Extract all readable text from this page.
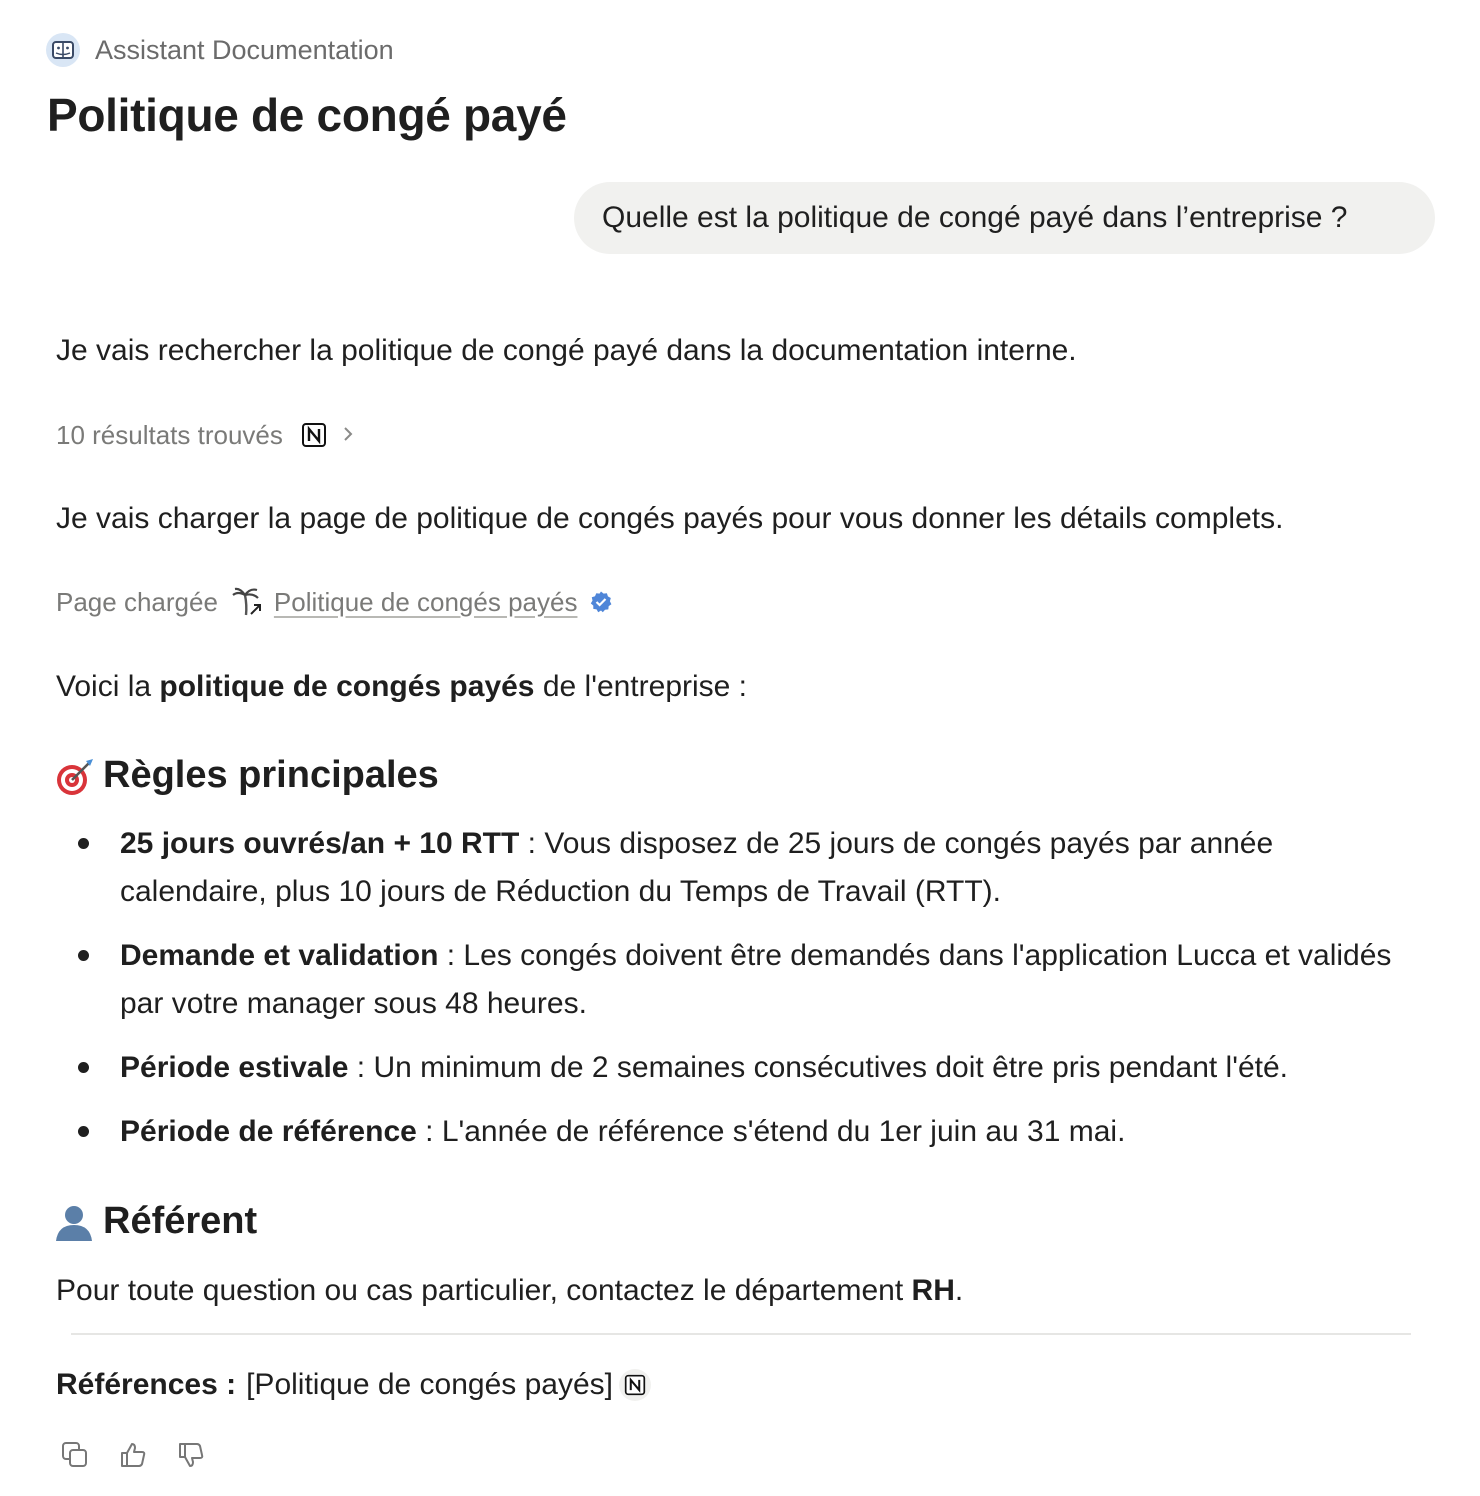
Assistant Documentation
Politique de congé payé
Quelle est la politique de congé payé dans l’entreprise ?
Je vais rechercher la politique de congé payé dans la documentation interne.
10 résultats trouvés
Je vais charger la page de politique de congés payés pour vous donner les détails complets.
Page chargée Politique de congés payés
Voici la politique de congés payés de l'entreprise :
Règles principales
25 jours ouvrés/an + 10 RTT : Vous disposez de 25 jours de congés payés par année calendaire, plus 10 jours de Réduction du Temps de Travail (RTT).
Demande et validation : Les congés doivent être demandés dans l'application Lucca et validés par votre manager sous 48 heures.
Période estivale : Un minimum de 2 semaines consécutives doit être pris pendant l'été.
Période de référence : L'année de référence s'étend du 1er juin au 31 mai.
Référent
Pour toute question ou cas particulier, contactez le département RH.
Références : [Politique de congés payés]
